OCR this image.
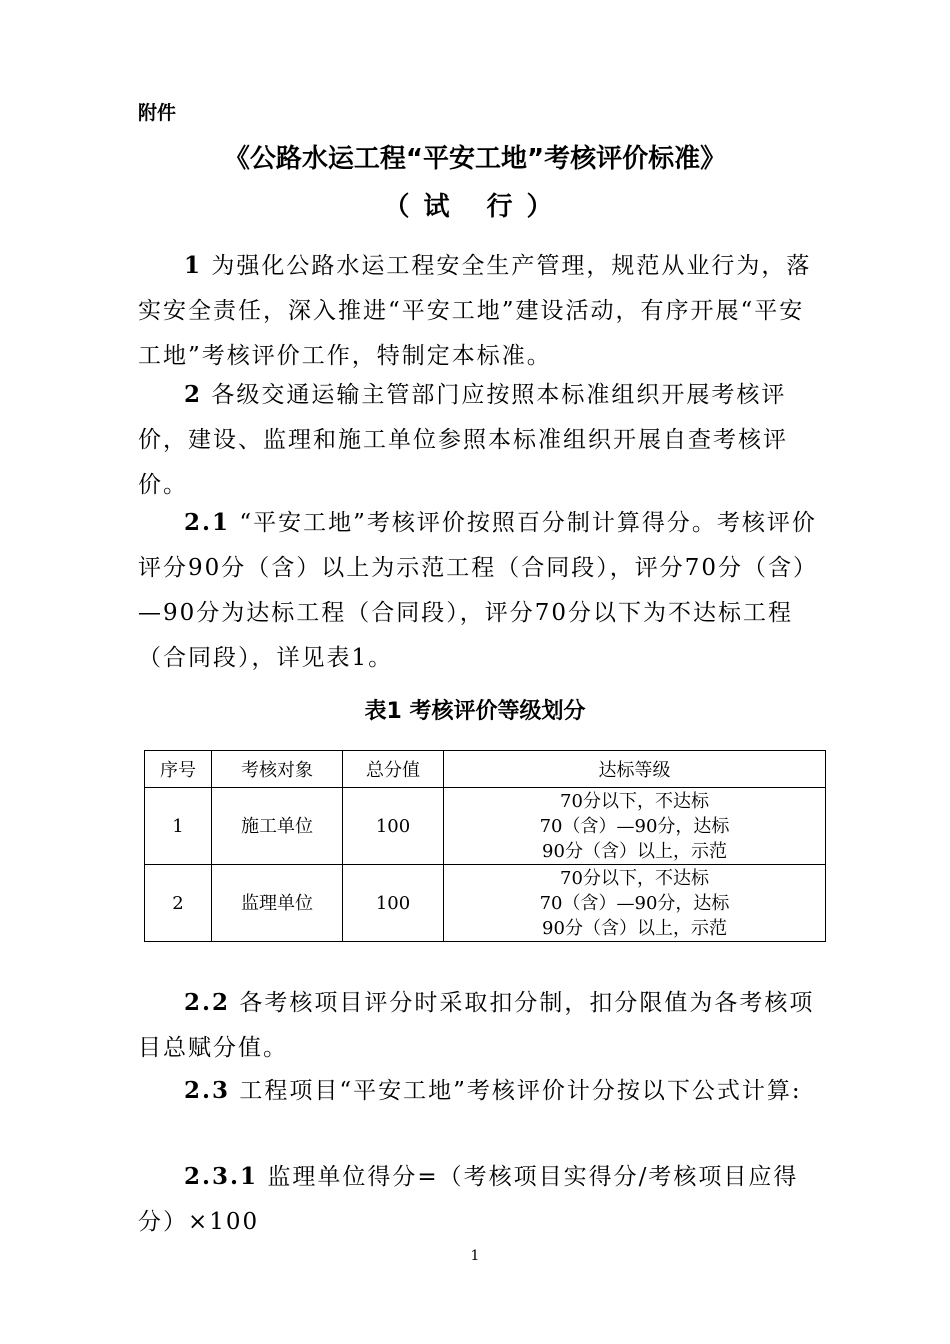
附件
《公路水运工程“平安工地”考核评价标准》
（试 行）
1 为强化公路水运工程安全生产管理，规范从业行为，落实安全责任，深入推进“平安工地”建设活动，有序开展“平安工地”考核评价工作，特制定本标准。
2 各级交通运输主管部门应按照本标准组织开展考核评价，建设、监理和施工单位参照本标准组织开展自查考核评价。
2.1 “平安工地”考核评价按照百分制计算得分。考核评价评分90分（含）以上为示范工程（合同段），评分70分（含）—90分为达标工程（合同段），评分70分以下为不达标工程（合同段），详见表1。
表1 考核评价等级划分
序号	考核对象	总分值	达标等级
1	施工单位	100	70分以下，不达标
70（含）—90分，达标
90分（含）以上，示范

2	监理单位	100	70分以下，不达标
70（含）—90分，达标
90分（含）以上，示范
2.2 各考核项目评分时采取扣分制，扣分限值为各考核项目总赋分值。
2.3 工程项目“平安工地”考核评价计分按以下公式计算:
2.3.1 监理单位得分=（考核项目实得分/考核项目应得分）×100
1
